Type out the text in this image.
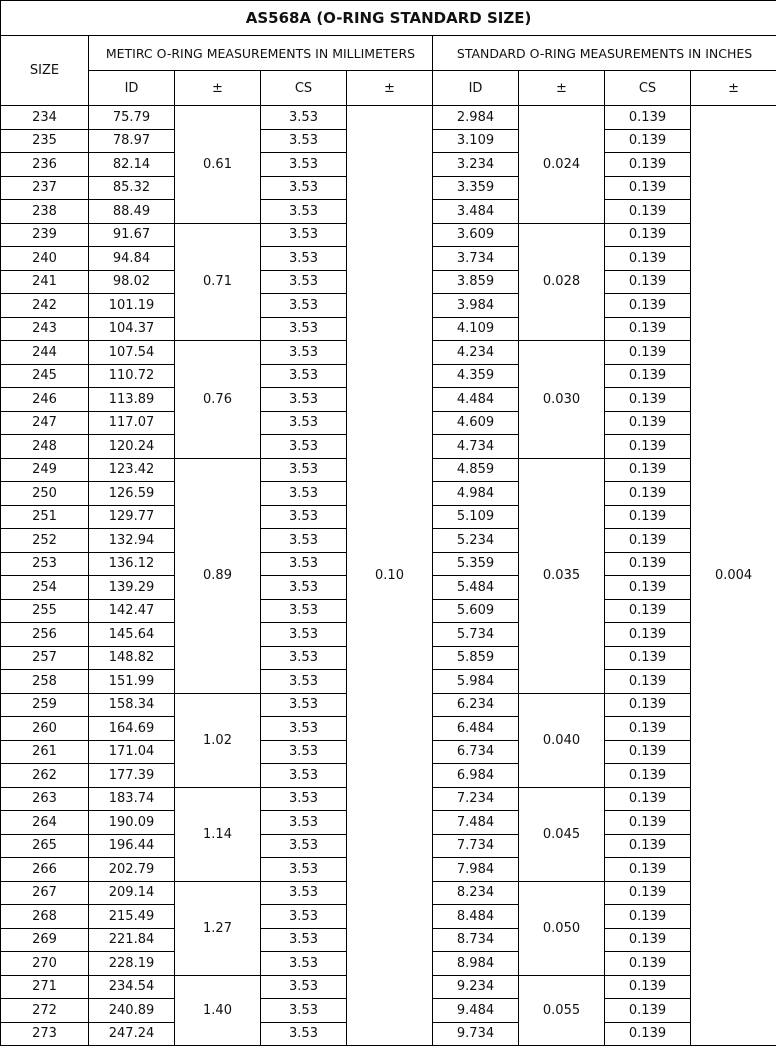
AS568A (O-RING STANDARD SIZE)								
SIZE	METIRC O-RING MEASUREMENTS IN MILLIMETERS				STANDARD O-RING MEASUREMENTS IN INCHES			
	ID	±	CS	±	ID	±	CS	±
234	75.79	0.61	3.53	0.10	2.984	0.024	0.139	0.004
235	78.97		3.53		3.109		0.139	
236	82.14		3.53		3.234		0.139	
237	85.32		3.53		3.359		0.139	
238	88.49		3.53		3.484		0.139	
239	91.67	0.71	3.53		3.609	0.028	0.139	
240	94.84		3.53		3.734		0.139	
241	98.02		3.53		3.859		0.139	
242	101.19		3.53		3.984		0.139	
243	104.37		3.53		4.109		0.139	
244	107.54	0.76	3.53		4.234	0.030	0.139	
245	110.72		3.53		4.359		0.139	
246	113.89		3.53		4.484		0.139	
247	117.07		3.53		4.609		0.139	
248	120.24		3.53		4.734		0.139	
249	123.42	0.89	3.53		4.859	0.035	0.139	
250	126.59		3.53		4.984		0.139	
251	129.77		3.53		5.109		0.139	
252	132.94		3.53		5.234		0.139	
253	136.12		3.53		5.359		0.139	
254	139.29		3.53		5.484		0.139	
255	142.47		3.53		5.609		0.139	
256	145.64		3.53		5.734		0.139	
257	148.82		3.53		5.859		0.139	
258	151.99		3.53		5.984		0.139	
259	158.34	1.02	3.53		6.234	0.040	0.139	
260	164.69		3.53		6.484		0.139	
261	171.04		3.53		6.734		0.139	
262	177.39		3.53		6.984		0.139	
263	183.74	1.14	3.53		7.234	0.045	0.139	
264	190.09		3.53		7.484		0.139	
265	196.44		3.53		7.734		0.139	
266	202.79		3.53		7.984		0.139	
267	209.14	1.27	3.53		8.234	0.050	0.139	
268	215.49		3.53		8.484		0.139	
269	221.84		3.53		8.734		0.139	
270	228.19		3.53		8.984		0.139	
271	234.54	1.40	3.53		9.234	0.055	0.139	
272	240.89		3.53		9.484		0.139	
273	247.24		3.53		9.734		0.139	
